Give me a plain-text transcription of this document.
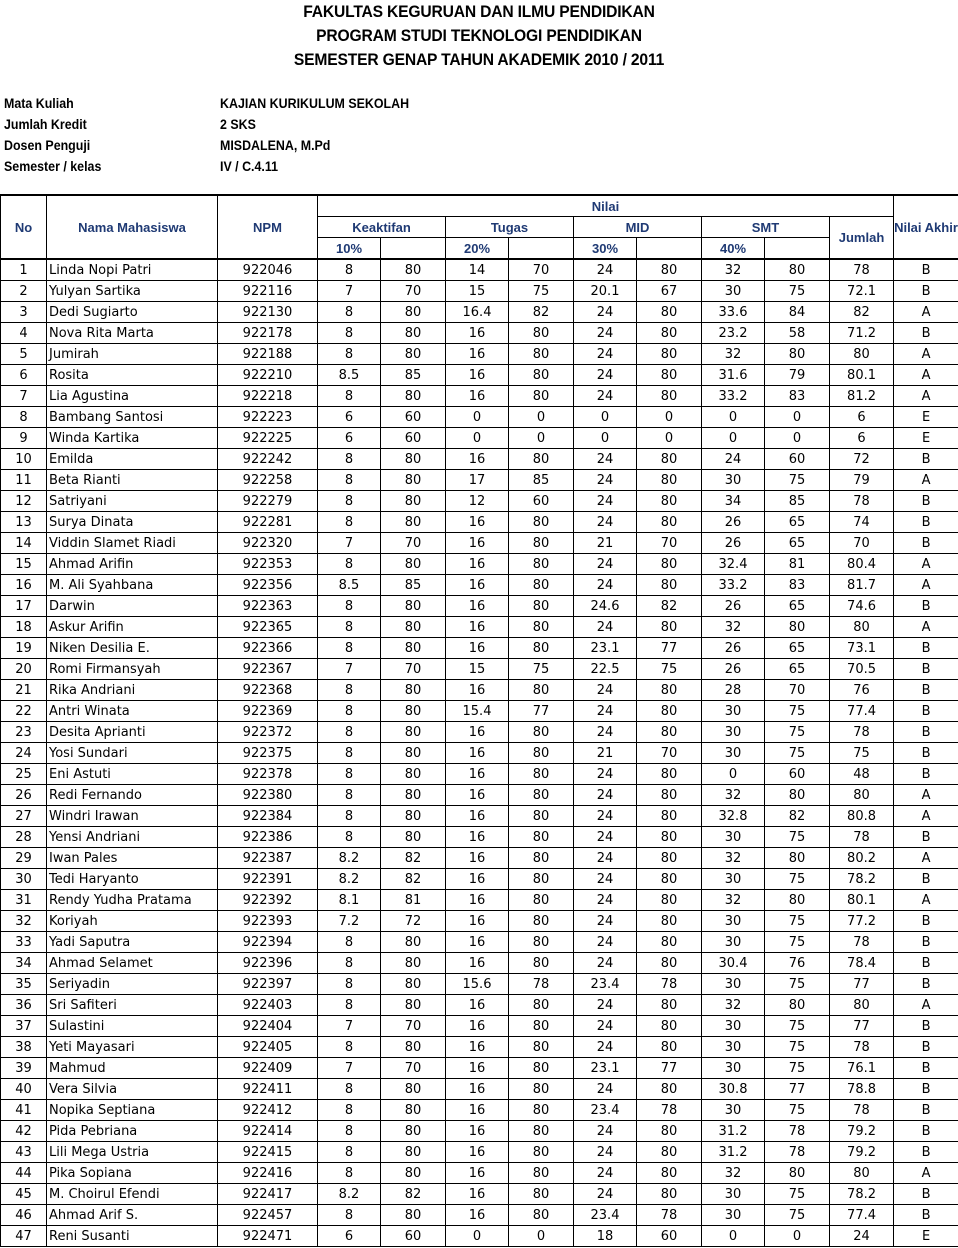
FAKULTAS KEGURUAN DAN ILMU PENDIDIKAN
PROGRAM STUDI TEKNOLOGI PENDIDIKAN
SEMESTER GENAP TAHUN AKADEMIK 2010 / 2011
Mata Kuliah	KAJIAN KURIKULUM SEKOLAH
Jumlah Kredit	2 SKS
Dosen Penguji	MISDALENA, M.Pd
Semester / kelas	IV / C.4.11
No	Nama Mahasiswa	NPM	Nilai									Nilai Akhir
			Keaktifan		Tugas		MID		SMT		Jumlah	
			10%		20%		30%		40%			
1	Linda Nopi Patri	922046	8	80	14	70	24	80	32	80	78	B
2	Yulyan Sartika	922116	7	70	15	75	20.1	67	30	75	72.1	B
3	Dedi Sugiarto	922130	8	80	16.4	82	24	80	33.6	84	82	A
4	Nova Rita Marta	922178	8	80	16	80	24	80	23.2	58	71.2	B
5	Jumirah	922188	8	80	16	80	24	80	32	80	80	A
6	Rosita	922210	8.5	85	16	80	24	80	31.6	79	80.1	A
7	Lia Agustina	922218	8	80	16	80	24	80	33.2	83	81.2	A
8	Bambang Santosi	922223	6	60	0	0	0	0	0	0	6	E
9	Winda Kartika	922225	6	60	0	0	0	0	0	0	6	E
10	Emilda	922242	8	80	16	80	24	80	24	60	72	B
11	Beta Rianti	922258	8	80	17	85	24	80	30	75	79	A
12	Satriyani	922279	8	80	12	60	24	80	34	85	78	B
13	Surya Dinata	922281	8	80	16	80	24	80	26	65	74	B
14	Viddin Slamet Riadi	922320	7	70	16	80	21	70	26	65	70	B
15	Ahmad Arifin	922353	8	80	16	80	24	80	32.4	81	80.4	A
16	M. Ali Syahbana	922356	8.5	85	16	80	24	80	33.2	83	81.7	A
17	Darwin	922363	8	80	16	80	24.6	82	26	65	74.6	B
18	Askur Arifin	922365	8	80	16	80	24	80	32	80	80	A
19	Niken Desilia E.	922366	8	80	16	80	23.1	77	26	65	73.1	B
20	Romi Firmansyah	922367	7	70	15	75	22.5	75	26	65	70.5	B
21	Rika Andriani	922368	8	80	16	80	24	80	28	70	76	B
22	Antri Winata	922369	8	80	15.4	77	24	80	30	75	77.4	B
23	Desita Aprianti	922372	8	80	16	80	24	80	30	75	78	B
24	Yosi Sundari	922375	8	80	16	80	21	70	30	75	75	B
25	Eni Astuti	922378	8	80	16	80	24	80	0	60	48	B
26	Redi Fernando	922380	8	80	16	80	24	80	32	80	80	A
27	Windri Irawan	922384	8	80	16	80	24	80	32.8	82	80.8	A
28	Yensi Andriani	922386	8	80	16	80	24	80	30	75	78	B
29	Iwan Pales	922387	8.2	82	16	80	24	80	32	80	80.2	A
30	Tedi Haryanto	922391	8.2	82	16	80	24	80	30	75	78.2	B
31	Rendy Yudha Pratama	922392	8.1	81	16	80	24	80	32	80	80.1	A
32	Koriyah	922393	7.2	72	16	80	24	80	30	75	77.2	B
33	Yadi Saputra	922394	8	80	16	80	24	80	30	75	78	B
34	Ahmad Selamet	922396	8	80	16	80	24	80	30.4	76	78.4	B
35	Seriyadin	922397	8	80	15.6	78	23.4	78	30	75	77	B
36	Sri Safiteri	922403	8	80	16	80	24	80	32	80	80	A
37	Sulastini	922404	7	70	16	80	24	80	30	75	77	B
38	Yeti Mayasari	922405	8	80	16	80	24	80	30	75	78	B
39	Mahmud	922409	7	70	16	80	23.1	77	30	75	76.1	B
40	Vera Silvia	922411	8	80	16	80	24	80	30.8	77	78.8	B
41	Nopika Septiana	922412	8	80	16	80	23.4	78	30	75	78	B
42	Pida Pebriana	922414	8	80	16	80	24	80	31.2	78	79.2	B
43	Lili Mega Ustria	922415	8	80	16	80	24	80	31.2	78	79.2	B
44	Pika Sopiana	922416	8	80	16	80	24	80	32	80	80	A
45	M. Choirul Efendi	922417	8.2	82	16	80	24	80	30	75	78.2	B
46	Ahmad Arif S.	922457	8	80	16	80	23.4	78	30	75	77.4	B
47	Reni Susanti	922471	6	60	0	0	18	60	0	0	24	E
